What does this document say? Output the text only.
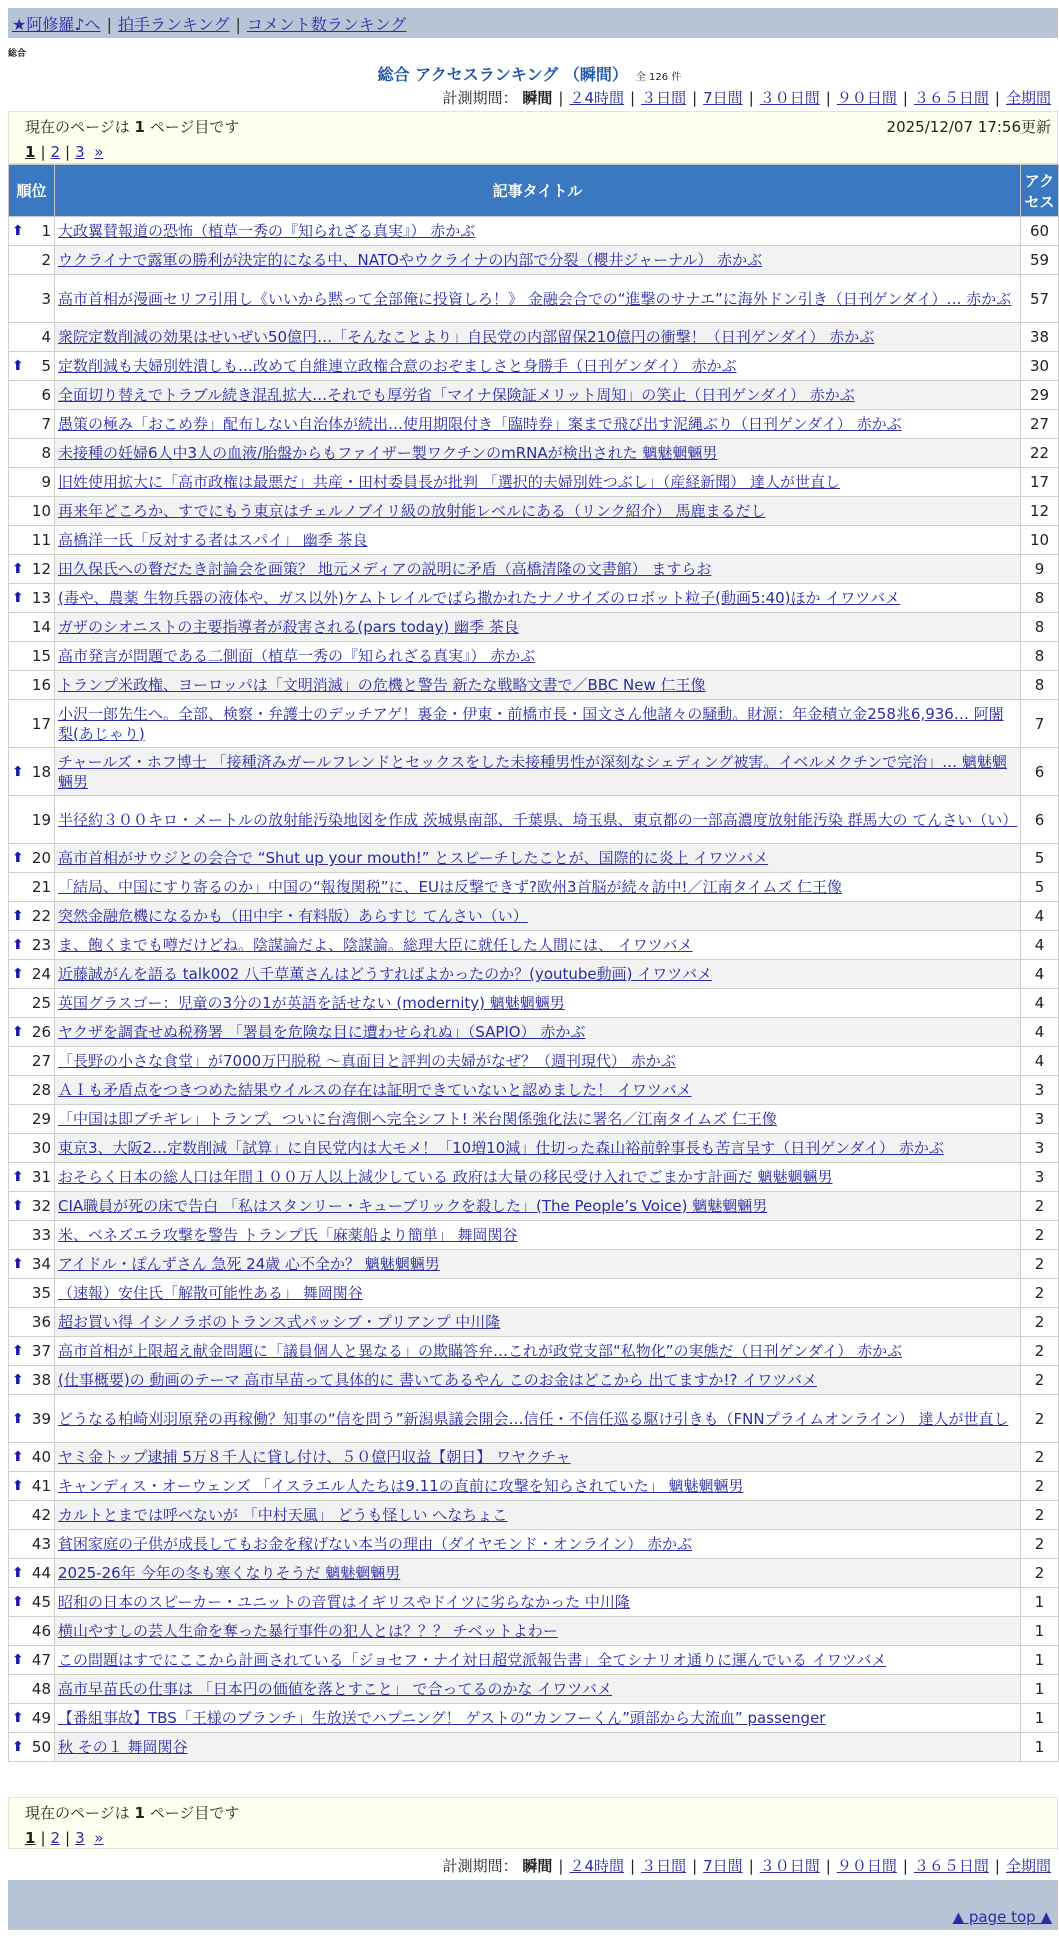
★阿修羅♪へ | 拍手ランキング | コメント数ランキング
総合
総合 アクセスランキング （瞬間） 全 126 件
計測期間： 瞬間 | ２4時間 | ３日間 | 7日間 | ３０日間 | ９０日間 | ３６５日間 | 全期間
現在のページは 1 ページ目です	2025/12/07 17:56更新
1 | 2 | 3 »
順位	記事タイトル	アクセス

⬆ 1	大政翼賛報道の恐怖（植草一秀の『知られざる真実』） 赤かぶ	60
2	ウクライナで露軍の勝利が決定的になる中、NATOやウクライナの内部で分裂（櫻井ジャーナル） 赤かぶ	59
3	高市首相が漫画セリフ引用し《いいから黙って全部俺に投資しろ！》 金融会合での“進撃のサナエ”に海外ドン引き（日刊ゲンダイ）… 赤かぶ	57
4	衆院定数削減の効果はせいぜい50億円…「そんなことより」自民党の内部留保210億円の衝撃！（日刊ゲンダイ） 赤かぶ	38

⬆ 5	定数削減も夫婦別姓潰しも…改めて自維連立政権合意のおぞましさと身勝手（日刊ゲンダイ） 赤かぶ	30
6	全面切り替えでトラブル続き混乱拡大…それでも厚労省「マイナ保険証メリット周知」の笑止（日刊ゲンダイ） 赤かぶ	29
7	愚策の極み「おこめ券」配布しない自治体が続出…使用期限付き「臨時券」案まで飛び出す泥縄ぶり（日刊ゲンダイ） 赤かぶ	27
8	未接種の妊婦6人中3人の血液/胎盤からもファイザー製ワクチンのmRNAが検出された 魑魅魍魎男	22
9	旧姓使用拡大に「高市政権は最悪だ」共産・田村委員長が批判 「選択的夫婦別姓つぶし」（産経新聞） 達人が世直し	17
10	再来年どころか、すでにもう東京はチェルノブイリ級の放射能レベルにある（リンク紹介） 馬鹿まるだし	12
11	高橋洋一氏「反対する者はスパイ」 幽季 茶良	10

⬆ 12	田久保氏への贅だたき討論会を画策？ 地元メディアの説明に矛盾（高橋清隆の文書館） ますらお	9

⬆ 13	(毒や、農薬 生物兵器の液体や、ガス以外)ケムトレイルでばら撒かれたナノサイズのロボット粒子(動画5:40)ほか イワツバメ	8
14	ガザのシオニストの主要指導者が殺害される(pars today) 幽季 茶良	8
15	高市発言が問題である二側面（植草一秀の『知られざる真実』） 赤かぶ	8
16	トランプ米政権、ヨーロッパは「文明消滅」の危機と警告 新たな戦略文書で／BBC New 仁王像	8
17	小沢一郎先生へ。全部、検察・弁護士のデッチアゲ！裏金・伊東・前橋市長・国文さん他諸々の騒動。財源：年金積立金258兆6,936… 阿闍梨(あじゃり)	7

⬆ 18	チャールズ・ホフ博士 「接種済みガールフレンドとセックスをした未接種男性が深刻なシェディング被害。イベルメクチンで完治」… 魑魅魍魎男	6
19	半径約３００キロ・メートルの放射能汚染地図を作成 茨城県南部、千葉県、埼玉県、東京都の一部高濃度放射能汚染 群馬大の てんさい（い）	6

⬆ 20	高市首相がサウジとの会合で “Shut up your mouth!” とスピーチしたことが、国際的に炎上 イワツバメ	5
21	「結局、中国にすり寄るのか」中国の“報復関税”に、EUは反撃できず?欧州3首脳が続々訪中!／江南タイムズ 仁王像	5

⬆ 22	突然金融危機になるかも（田中宇・有料版）あらすじ てんさい（い）	4

⬆ 23	ま、飽くまでも噂だけどね。陰謀論だよ、陰謀論。総理大臣に就任した人間には、 イワツバメ	4

⬆ 24	近藤誠がんを語る talk002 八千草薫さんはどうすればよかったのか？(youtube動画) イワツバメ	4
25	英国グラスゴー：児童の3分の1が英語を話せない (modernity) 魑魅魍魎男	4

⬆ 26	ヤクザを調査せぬ税務署 「署員を危険な目に遭わせられぬ」（SAPIO） 赤かぶ	4
27	「長野の小さな食堂」が7000万円脱税 ～真面目と評判の夫婦がなぜ？（週刊現代） 赤かぶ	4
28	ＡＩも矛盾点をつきつめた結果ウイルスの存在は証明できていないと認めました！ イワツバメ	3
29	「中国は即ブチギレ」トランプ、ついに台湾側へ完全シフト! 米台関係強化法に署名／江南タイムズ 仁王像	3
30	東京3、大阪2…定数削減「試算」に自民党内は大モメ！「10増10減」仕切った森山裕前幹事長も苦言呈す（日刊ゲンダイ） 赤かぶ	3

⬆ 31	おそらく日本の総人口は年間１００万人以上減少している 政府は大量の移民受け入れでごまかす計画だ 魑魅魍魎男	3

⬆ 32	CIA職員が死の床で告白 「私はスタンリー・キューブリックを殺した」(The People’s Voice) 魑魅魍魎男	2
33	米、ベネズエラ攻撃を警告 トランプ氏「麻薬船より簡単」 舞岡関谷	2

⬆ 34	アイドル・ぽんずさん 急死 24歳 心不全か？ 魑魅魍魎男	2
35	（速報）安住氏「解散可能性ある」 舞岡関谷	2
36	超お買い得 イシノラボのトランス式パッシブ・プリアンプ 中川隆	2

⬆ 37	高市首相が上限超え献金問題に「議員個人と異なる」の欺瞞答弁…これが政党支部“私物化”の実態だ（日刊ゲンダイ） 赤かぶ	2

⬆ 38	(仕事概要)の 動画のテーマ 高市早苗って具体的に 書いてあるやん このお金はどこから 出てますか!? イワツバメ	2

⬆ 39	どうなる柏崎刈羽原発の再稼働？知事の“信を問う”新潟県議会開会…信任・不信任巡る駆け引きも（FNNプライムオンライン） 達人が世直し	2

⬆ 40	ヤミ金トップ逮捕 5万８千人に貸し付け、５０億円収益【朝日】 ワヤクチャ	2

⬆ 41	キャンディス・オーウェンズ 「イスラエル人たちは9.11の直前に攻撃を知らされていた」 魑魅魍魎男	2
42	カルトとまでは呼べないが 「中村天風」 どうも怪しい へなちょこ	2
43	貧困家庭の子供が成長してもお金を稼げない本当の理由（ダイヤモンド・オンライン） 赤かぶ	2

⬆ 44	2025-26年 今年の冬も寒くなりそうだ 魑魅魍魎男	2

⬆ 45	昭和の日本のスピーカー・ユニットの音質はイギリスやドイツに劣らなかった 中川隆	1
46	横山やすしの芸人生命を奪った暴行事件の犯人とは？？？ チベットよわー	1

⬆ 47	この問題はすでにここから計画されている「ジョセフ・ナイ対日超党派報告書」全てシナリオ通りに運んでいる イワツバメ	1
48	高市早苗氏の仕事は 「日本円の価値を落とすこと」 で合ってるのかな イワツバメ	1

⬆ 49	【番組事故】TBS「王様のブランチ」生放送でハプニング！ ゲストの“カンフーくん”頭部から大流血” passenger	1

⬆ 50	秋 その１ 舞岡関谷	1
現在のページは 1 ページ目です
1 | 2 | 3 »
計測期間： 瞬間 | ２4時間 | ３日間 | 7日間 | ３０日間 | ９０日間 | ３６５日間 | 全期間
▲ page top ▲
